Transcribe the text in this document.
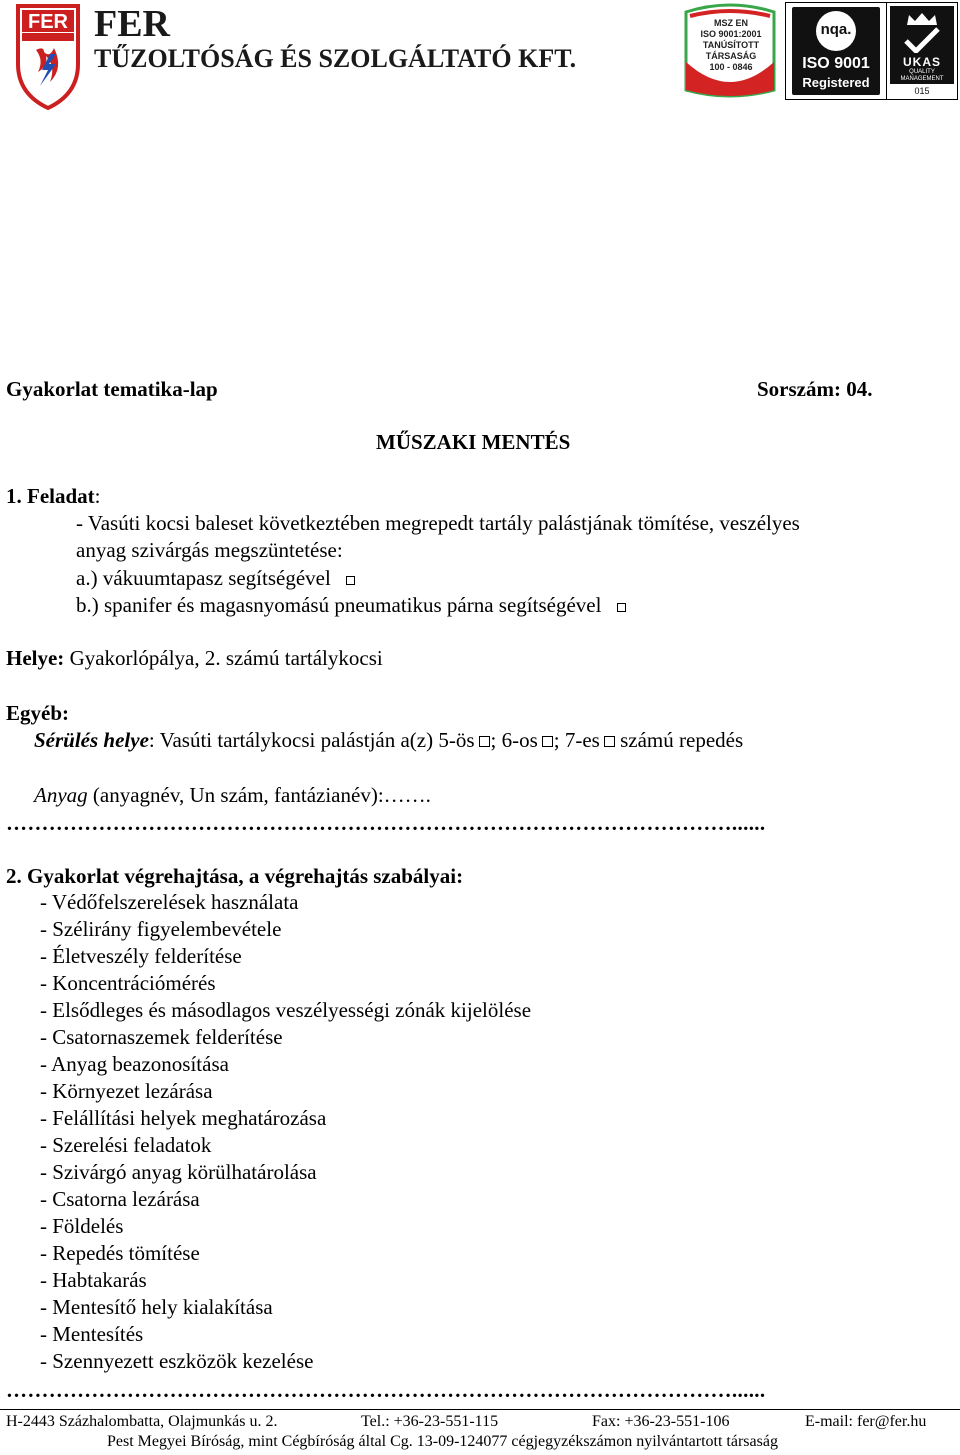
FER FER
TŰZOLTÓSÁG ÉS SZOLGÁLTATÓ KFT.
MSZ EN
ISO 9001:2001
TANÚSÍTOTT
TÁRSASÁG
100 - 0846
nqa.
ISO 9001
Registered
UKAS
QUALITY
MANAGEMENT
015
Gyakorlat tematika-lap	Sorszám: 04.
MŰSZAKI MENTÉS
1. Feladat:
- Vasúti kocsi baleset következtében megrepedt tartály palástjának tömítése, veszélyes
anyag szivárgás megszüntetése:
a.) vákuumtapasz segítségével
b.) spanifer és magasnyomású pneumatikus párna segítségével
Helye: Gyakorlópálya, 2. számú tartálykocsi
Egyéb:
Sérülés helye: Vasúti tartálykocsi palástján a(z) 5-ös ; 6-os ; 7-es számú repedés
Anyag (anyagnév, Un szám, fantázianév):…….
…………………………………………………………………………………………......
2. Gyakorlat végrehajtása, a végrehajtás szabályai:
- Védőfelszerelések használata
- Szélirány figyelembevétele
- Életveszély felderítése
- Koncentrációmérés
- Elsődleges és másodlagos veszélyességi zónák kijelölése
- Csatornaszemek felderítése
- Anyag beazonosítása
- Környezet lezárása
- Felállítási helyek meghatározása
- Szerelési feladatok
- Szivárgó anyag körülhatárolása
- Csatorna lezárása
- Földelés
- Repedés tömítése
- Habtakarás
- Mentesítő hely kialakítása
- Mentesítés
- Szennyezett eszközök kezelése
…………………………………………………………………………………………......
H-2443 Százhalombatta, Olajmunkás u. 2.	Tel.: +36-23-551-115	Fax: +36-23-551-106	E-mail: fer@fer.hu
Pest Megyei Bíróság, mint Cégbíróság által Cg. 13-09-124077 cégjegyzékszámon nyilvántartott társaság
